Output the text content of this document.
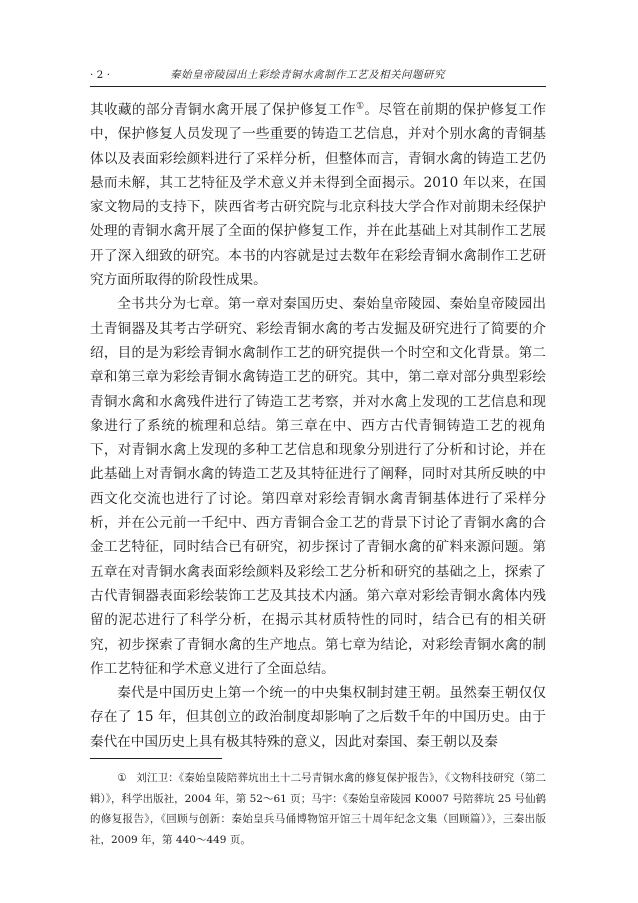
· 2 ·	秦始皇帝陵园出土彩绘青铜水禽制作工艺及相关问题研究

其收藏的部分青铜水禽开展了保护修复工作①。尽管在前期的保护修复工作中，保护修复人员发现了一些重要的铸造工艺信息，并对个别水禽的青铜基体以及表面彩绘颜料进行了采样分析，但整体而言，青铜水禽的铸造工艺仍悬而未解，其工艺特征及学术意义并未得到全面揭示。2010 年以来，在国家文物局的支持下，陕西省考古研究院与北京科技大学合作对前期未经保护处理的青铜水禽开展了全面的保护修复工作，并在此基础上对其制作工艺展开了深入细致的研究。本书的内容就是过去数年在彩绘青铜水禽制作工艺研究方面所取得的阶段性成果。

全书共分为七章。第一章对秦国历史、秦始皇帝陵园、秦始皇帝陵园出土青铜器及其考古学研究、彩绘青铜水禽的考古发掘及研究进行了简要的介绍，目的是为彩绘青铜水禽制作工艺的研究提供一个时空和文化背景。第二章和第三章为彩绘青铜水禽铸造工艺的研究。其中，第二章对部分典型彩绘青铜水禽和水禽残件进行了铸造工艺考察，并对水禽上发现的工艺信息和现象进行了系统的梳理和总结。第三章在中、西方古代青铜铸造工艺的视角下，对青铜水禽上发现的多种工艺信息和现象分别进行了分析和讨论，并在此基础上对青铜水禽的铸造工艺及其特征进行了阐释，同时对其所反映的中西文化交流也进行了讨论。第四章对彩绘青铜水禽青铜基体进行了采样分析，并在公元前一千纪中、西方青铜合金工艺的背景下讨论了青铜水禽的合金工艺特征，同时结合已有研究，初步探讨了青铜水禽的矿料来源问题。第五章在对青铜水禽表面彩绘颜料及彩绘工艺分析和研究的基础之上，探索了古代青铜器表面彩绘装饰工艺及其技术内涵。第六章对彩绘青铜水禽体内残留的泥芯进行了科学分析，在揭示其材质特性的同时，结合已有的相关研究，初步探索了青铜水禽的生产地点。第七章为结论，对彩绘青铜水禽的制作工艺特征和学术意义进行了全面总结。

秦代是中国历史上第一个统一的中央集权制封建王朝。虽然秦王朝仅仅存在了 15 年，但其创立的政治制度却影响了之后数千年的中国历史。由于秦代在中国历史上具有极其特殊的意义，因此对秦国、秦王朝以及秦

① 刘江卫：《秦始皇陵陪葬坑出土十二号青铜水禽的修复保护报告》，《文物科技研究（第二辑）》，科学出版社，2004 年，第 52～61 页；马宇：《秦始皇帝陵园 K0007 号陪葬坑 25 号仙鹤的修复报告》，《回顾与创新：秦始皇兵马俑博物馆开馆三十周年纪念文集（回顾篇）》，三秦出版社，2009 年，第 440～449 页。
